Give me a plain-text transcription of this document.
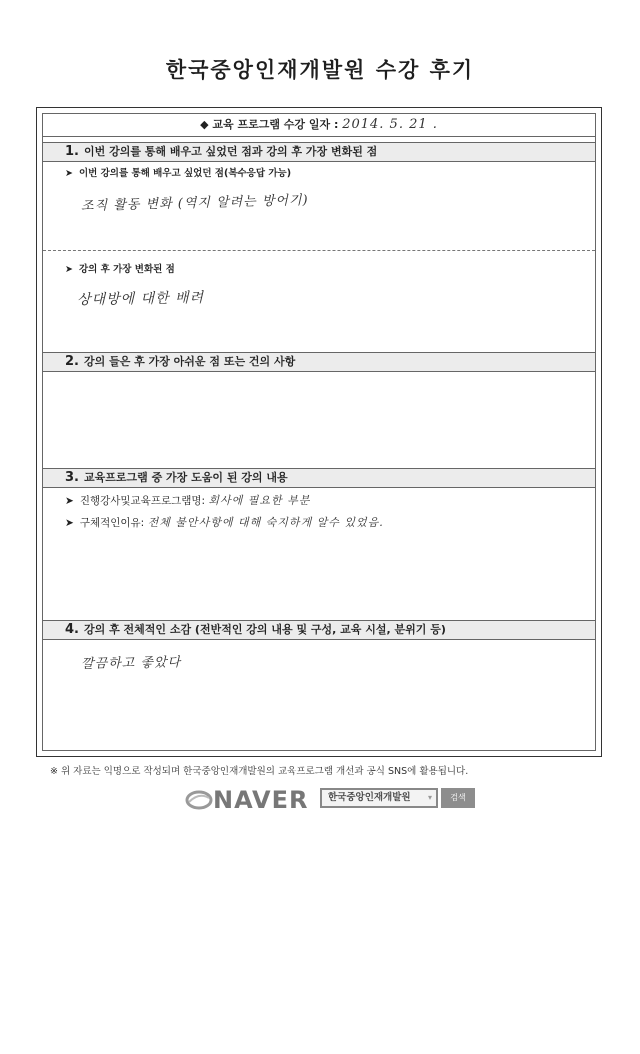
한국중앙인재개발원 수강 후기
◆ 교육 프로그램 수강 일자 : 2014. 5. 21 .
1. 이번 강의를 통해 배우고 싶었던 점과 강의 후 가장 변화된 점
➤ 이번 강의를 통해 배우고 싶었던 점(복수응답 가능)
조직 활동 변화 (역지 알려는 방어기)
➤ 강의 후 가장 변화된 점
상대방에 대한 배려
2. 강의 들은 후 가장 아쉬운 점 또는 건의 사항
3. 교육프로그램 중 가장 도움이 된 강의 내용
➤ 진행강사및교육프로그램명: 회사에 필요한 부분
➤ 구체적인이유: 전체 불안사항에 대해 숙지하게 알수 있었음.
4. 강의 후 전체적인 소감 (전반적인 강의 내용 및 구성, 교육 시설, 분위기 등)
깔끔하고 좋았다
※ 위 자료는 익명으로 작성되며 한국중앙인재개발원의 교육프로그램 개선과 공식 SNS에 활용됩니다.
NAVER	한국중앙인재개발원 ▾	검색
